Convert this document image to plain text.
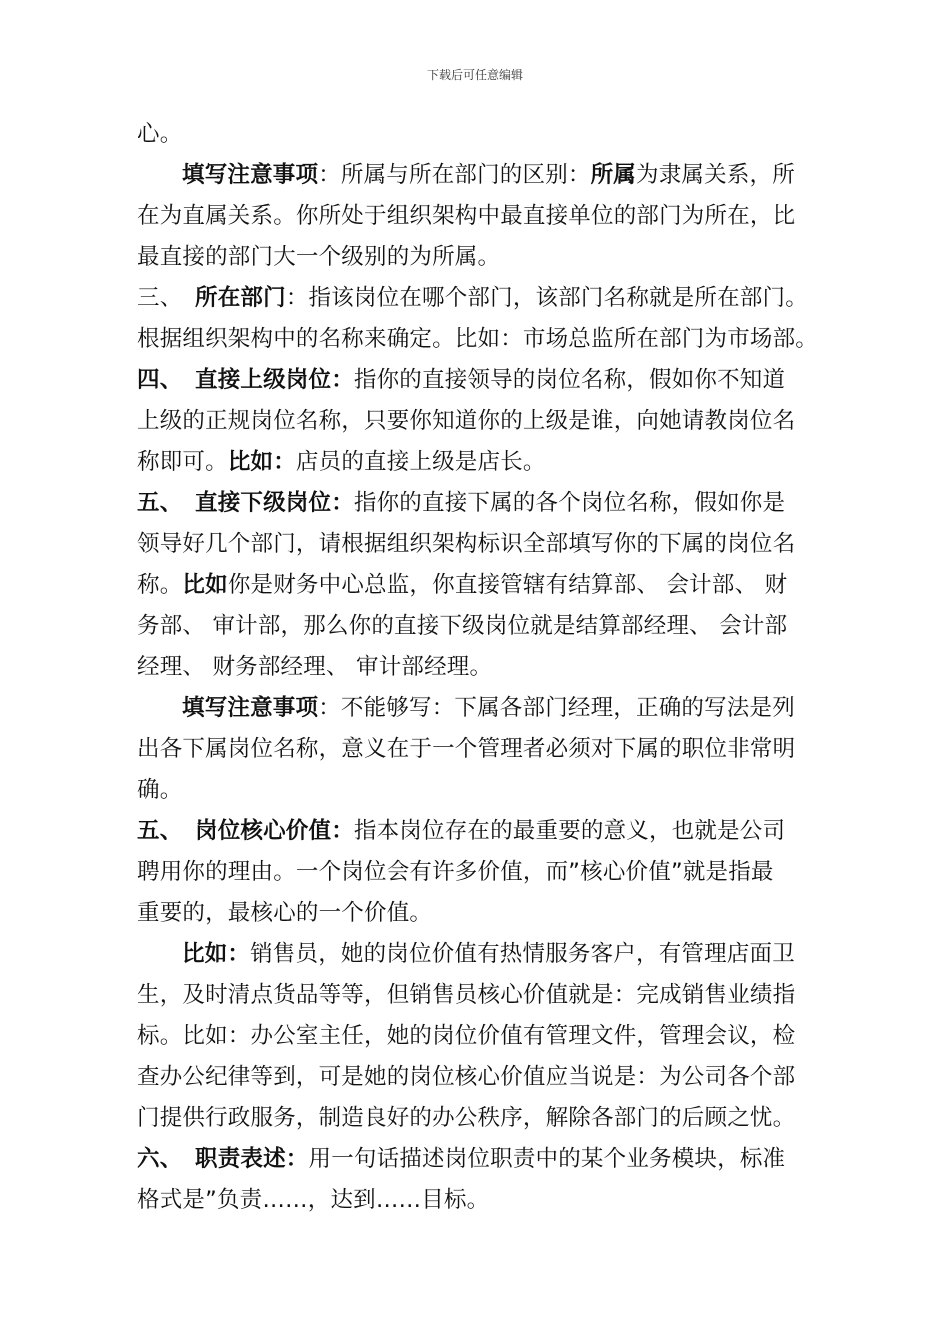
下载后可任意编辑
心。
填写注意事项：所属与所在部门的区别：所属为隶属关系，所
在为直属关系。你所处于组织架构中最直接单位的部门为所在，比
最直接的部门大一个级别的为所属。
三、 所在部门：指该岗位在哪个部门，该部门名称就是所在部门。
根据组织架构中的名称来确定。比如：市场总监所在部门为市场部。
四、 直接上级岗位：指你的直接领导的岗位名称，假如你不知道
上级的正规岗位名称，只要你知道你的上级是谁，向她请教岗位名
称即可。比如：店员的直接上级是店长。
五、 直接下级岗位：指你的直接下属的各个岗位名称，假如你是
领导好几个部门，请根据组织架构标识全部填写你的下属的岗位名
称。比如你是财务中心总监，你直接管辖有结算部、 会计部、 财
务部、 审计部，那么你的直接下级岗位就是结算部经理、 会计部
经理、 财务部经理、 审计部经理。
填写注意事项：不能够写：下属各部门经理，正确的写法是列
出各下属岗位名称，意义在于一个管理者必须对下属的职位非常明
确。
五、 岗位核心价值：指本岗位存在的最重要的意义，也就是公司
聘用你的理由。一个岗位会有许多价值，而”核心价值”就是指最
重要的，最核心的一个价值。
比如：销售员，她的岗位价值有热情服务客户，有管理店面卫
生，及时清点货品等等，但销售员核心价值就是：完成销售业绩指
标。比如：办公室主任，她的岗位价值有管理文件，管理会议，检
查办公纪律等到，可是她的岗位核心价值应当说是：为公司各个部
门提供行政服务，制造良好的办公秩序，解除各部门的后顾之忧。
六、 职责表述：用一句话描述岗位职责中的某个业务模块，标准
格式是”负责……，达到……目标。
